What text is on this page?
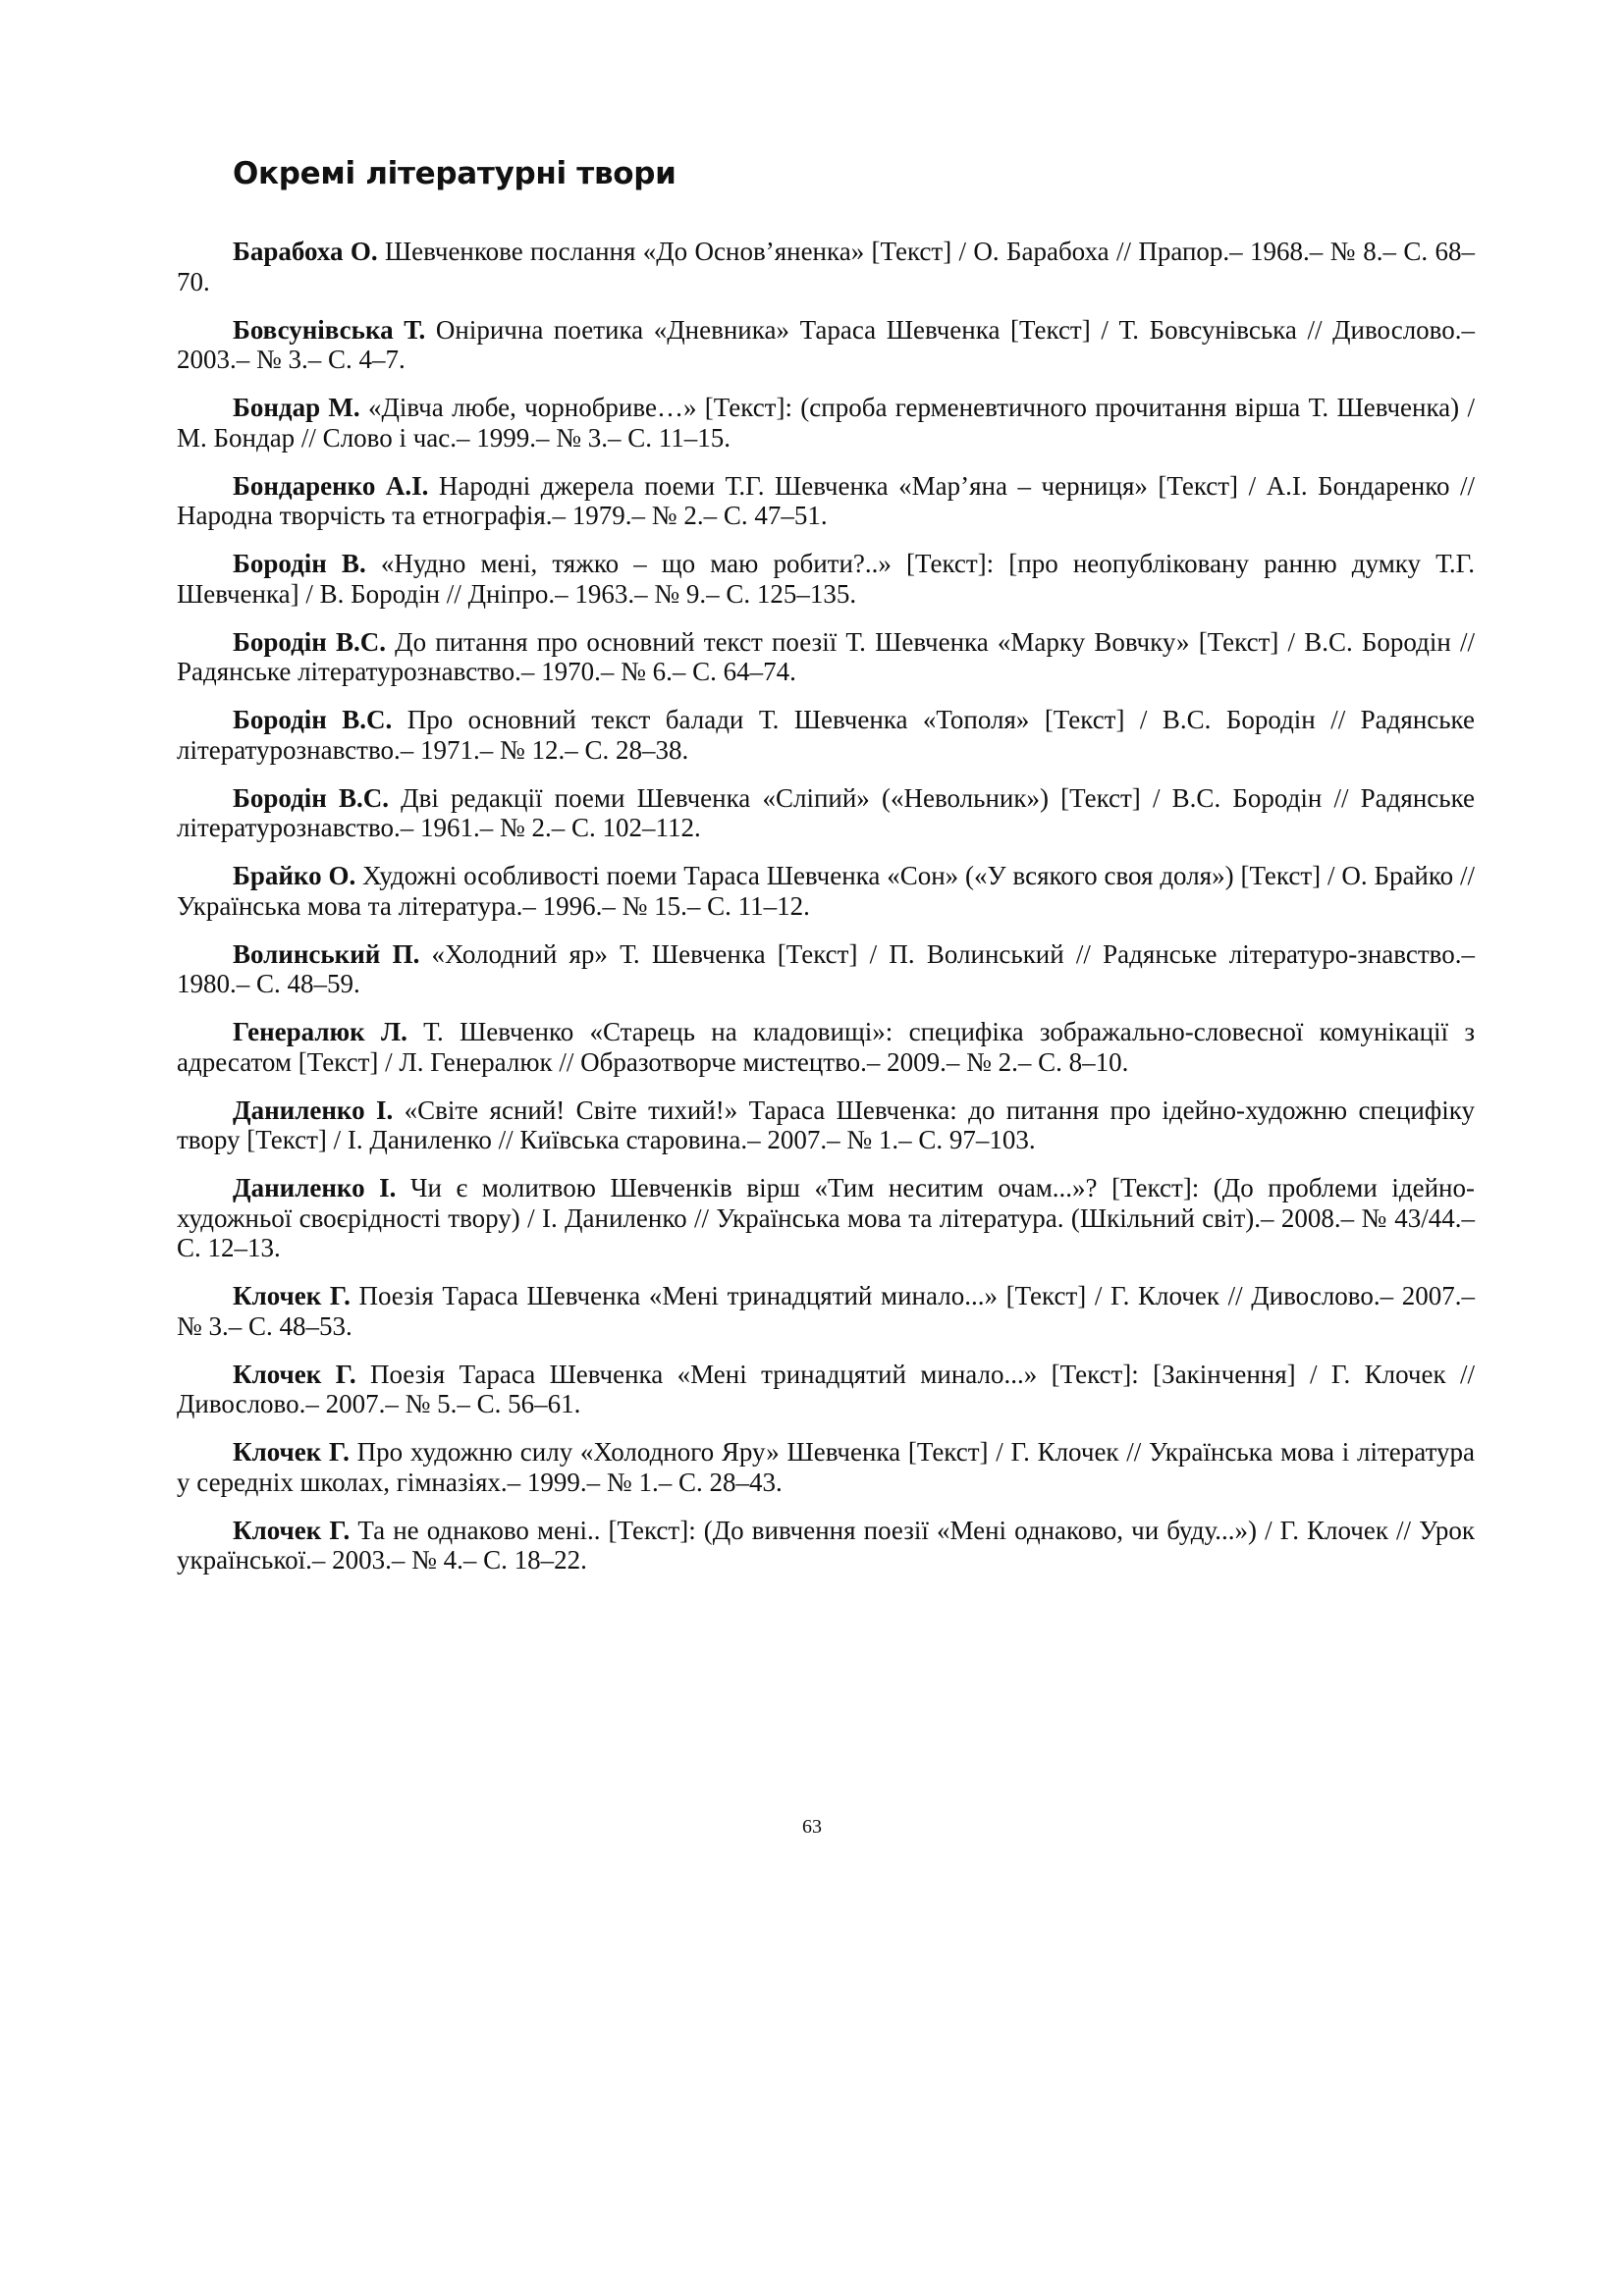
Окремі літературні твори
Барабоха О. Шевченкове послання «До Основ’яненка» [Текст] / О. Барабоха // Прапор.– 1968.– № 8.– С. 68–70.
Бовсунівська Т. Онірична поетика «Дневника» Тараса Шевченка [Текст] / Т. Бовсунівська // Дивослово.– 2003.– № 3.– С. 4–7.
Бондар М. «Дівча любе, чорнобриве…» [Текст]: (спроба герменевтичного прочитання вірша Т. Шевченка) / М. Бондар // Слово і час.– 1999.– № 3.– С. 11–15.
Бондаренко А.І. Народні джерела поеми Т.Г. Шевченка «Мар’яна – черниця» [Текст] / А.І. Бондаренко // Народна творчість та етнографія.– 1979.– № 2.– С. 47–51.
Бородін В. «Нудно мені, тяжко – що маю робити?..» [Текст]: [про неопубліковану ранню думку Т.Г. Шевченка] / В. Бородін // Дніпро.– 1963.– № 9.– С. 125–135.
Бородін В.С. До питання про основний текст поезії Т. Шевченка «Марку Вовчку» [Текст] / В.С. Бородін // Радянське літературознавство.– 1970.– № 6.– С. 64–74.
Бородін В.С. Про основний текст балади Т. Шевченка «Тополя» [Текст] / В.С. Бородін // Радянське літературознавство.– 1971.– № 12.– С. 28–38.
Бородін В.С. Дві редакції поеми Шевченка «Сліпий» («Невольник») [Текст] / В.С. Бородін // Радянське літературознавство.– 1961.– № 2.– С. 102–112.
Брайко О. Художні особливості поеми Тараса Шевченка «Сон» («У всякого своя доля») [Текст] / О. Брайко // Українська мова та література.– 1996.– № 15.– С. 11–12.
Волинський П. «Холодний яр» Т. Шевченка [Текст] / П. Волинський // Радянське літературо-знавство.– 1980.– С. 48–59.
Генералюк Л. Т. Шевченко «Старець на кладовищі»: специфіка зображально-словесної комунікації з адресатом [Текст] / Л. Генералюк // Образотворче мистецтво.– 2009.– № 2.– С. 8–10.
Даниленко І. «Світе ясний! Світе тихий!» Тараса Шевченка: до питання про ідейно-художню специфіку твору [Текст] / І. Даниленко // Київська старовина.– 2007.– № 1.– С. 97–103.
Даниленко І. Чи є молитвою Шевченків вірш «Тим неситим очам...»? [Текст]: (До проблеми ідейно-художньої своєрідності твору) / І. Даниленко // Українська мова та література. (Шкільний світ).– 2008.– № 43/44.– С. 12–13.
Клочек Г. Поезія Тараса Шевченка «Мені тринадцятий минало...» [Текст] / Г. Клочек // Дивослово.– 2007.– № 3.– С. 48–53.
Клочек Г. Поезія Тараса Шевченка «Мені тринадцятий минало...» [Текст]: [Закінчення] / Г. Клочек // Дивослово.– 2007.– № 5.– С. 56–61.
Клочек Г. Про художню силу «Холодного Яру» Шевченка [Текст] / Г. Клочек // Українська мова і література у середніх школах, гімназіях.– 1999.– № 1.– С. 28–43.
Клочек Г. Та не однаково мені.. [Текст]: (До вивчення поезії «Мені однаково, чи буду...») / Г. Клочек // Урок української.– 2003.– № 4.– С. 18–22.
63
